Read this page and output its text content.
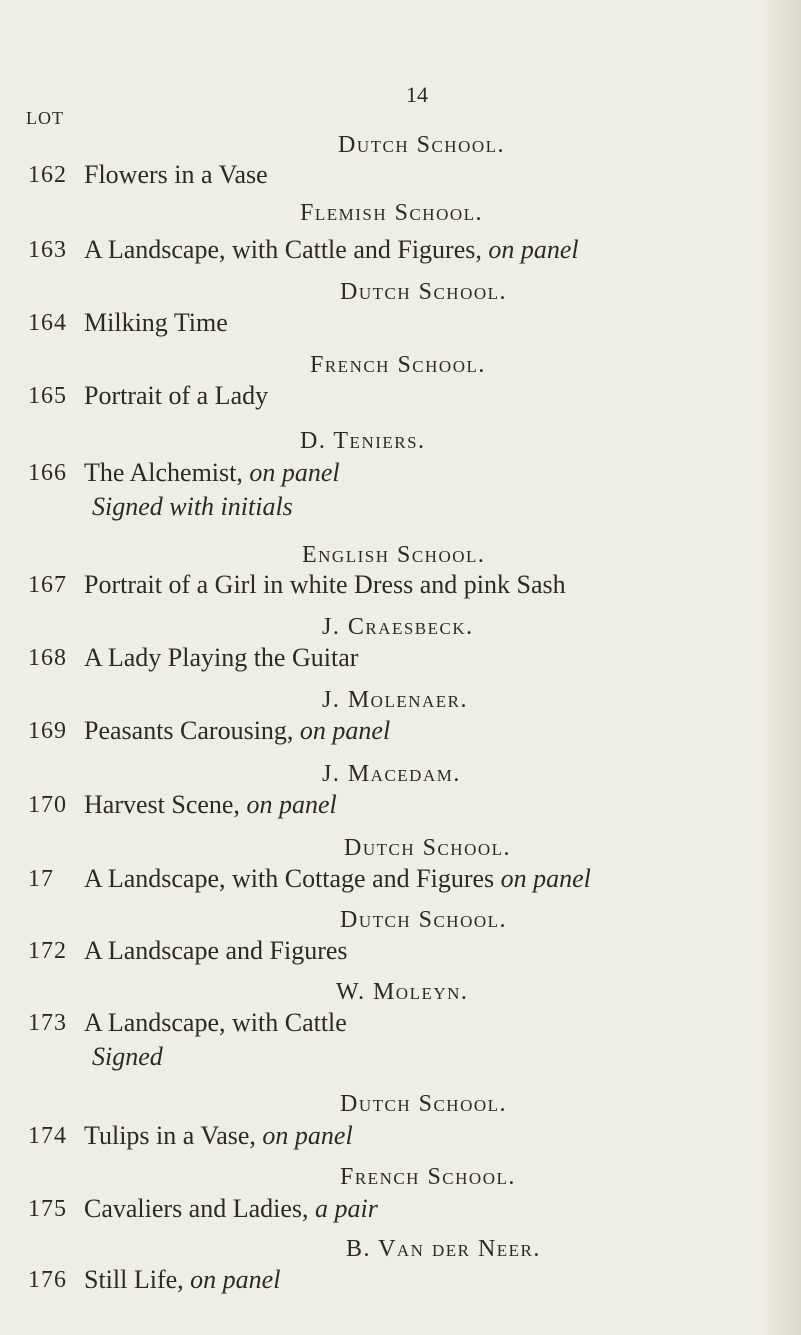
14
LOT
Dutch School.
162 Flowers in a Vase
Flemish School.
163 A Landscape, with Cattle and Figures, on panel
Dutch School.
164 Milking Time
French School.
165 Portrait of a Lady
D. Teniers.
166 The Alchemist, on panel
Signed with initials
English School.
167 Portrait of a Girl in white Dress and pink Sash
J. Craesbeck.
168 A Lady Playing the Guitar
J. Molenaer.
169 Peasants Carousing, on panel
J. Macedam.
170 Harvest Scene, on panel
Dutch School.
17 A Landscape, with Cottage and Figures on panel
Dutch School.
172 A Landscape and Figures
W. Moleyn.
173 A Landscape, with Cattle
Signed
Dutch School.
174 Tulips in a Vase, on panel
French School.
175 Cavaliers and Ladies, a pair
B. Van der Neer.
176 Still Life, on panel
